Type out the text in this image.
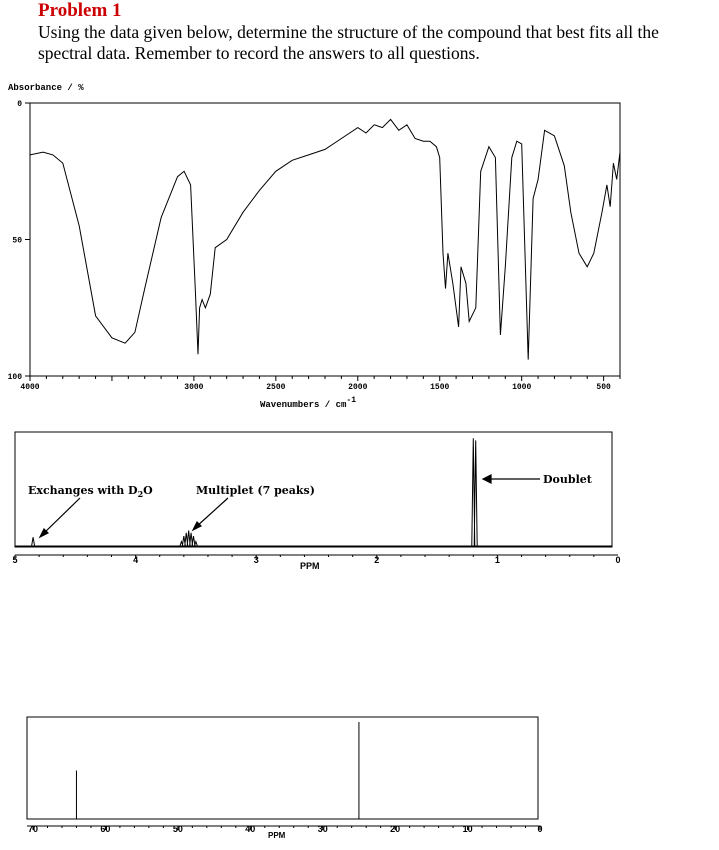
Problem 1
Using the data given below, determine the structure of the compound that best fits all the spectral data. Remember to record the answers to all questions.
Absorbance / %
Wavenumbers / cm-1
0
50
100
4000	3000	2500	2000	1500	1000	500
5	4	3	2	1	0
PPM
Exchanges with $D_2O$	Multiplet (7 peaks)
Doublet
70	60	50	40	30	20	10	0
PPM
